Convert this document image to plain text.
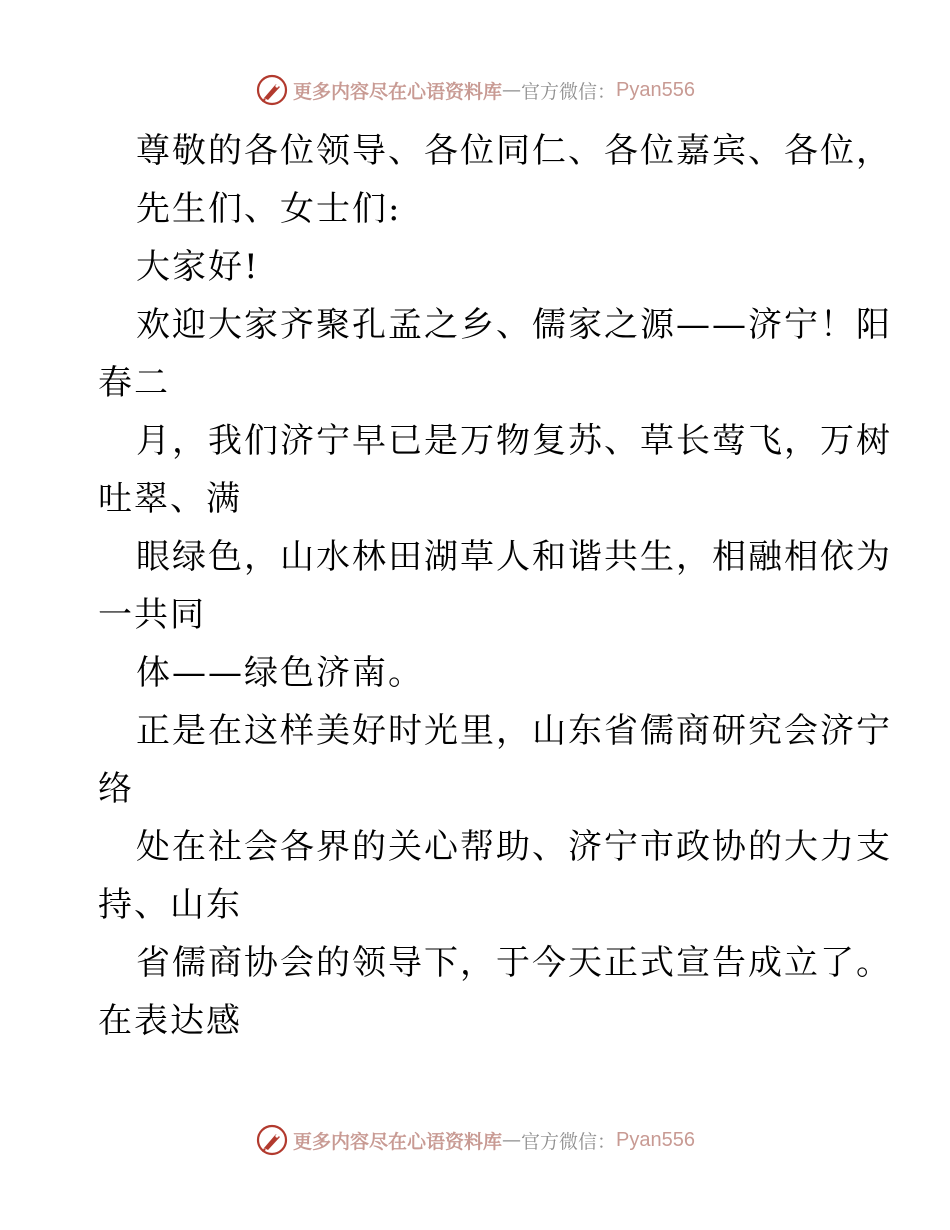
更多内容尽在心语资料库 — 官方微信： Pyan556
尊敬的各位领导、各位同仁、各位嘉宾、各位，
先生们、女士们:
大家好!
欢迎大家齐聚孔孟之乡、儒家之源——济宁！阳
春二
月，我们济宁早已是万物复苏、草长莺飞，万树
吐翠、满
眼绿色，山水林田湖草人和谐共生，相融相依为
一共同
体——绿色济南。
正是在这样美好时光里，山东省儒商研究会济宁
络
处在社会各界的关心帮助、济宁市政协的大力支
持、山东
省儒商协会的领导下，于今天正式宣告成立了。
在表达感
更多内容尽在心语资料库 — 官方微信： Pyan556
